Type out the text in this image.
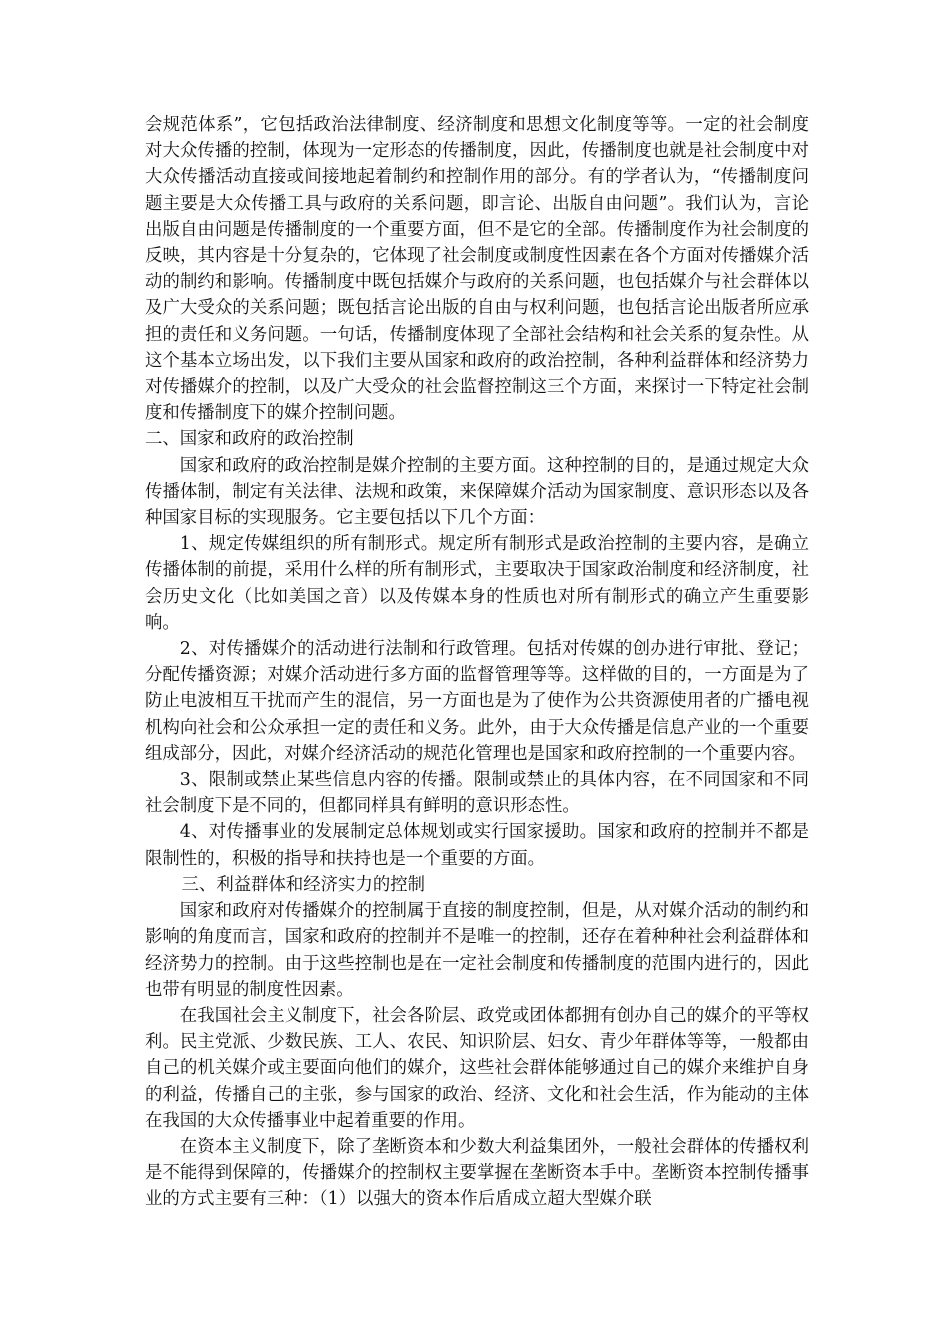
会规范体系”，它包括政治法律制度、经济制度和思想文化制度等等。一定的社会制度对大众传播的控制，体现为一定形态的传播制度，因此，传播制度也就是社会制度中对大众传播活动直接或间接地起着制约和控制作用的部分。有的学者认为，“传播制度问题主要是大众传播工具与政府的关系问题，即言论、出版自由问题”。我们认为，言论出版自由问题是传播制度的一个重要方面，但不是它的全部。传播制度作为社会制度的反映，其内容是十分复杂的，它体现了社会制度或制度性因素在各个方面对传播媒介活动的制约和影响。传播制度中既包括媒介与政府的关系问题，也包括媒介与社会群体以及广大受众的关系问题；既包括言论出版的自由与权利问题，也包括言论出版者所应承担的责任和义务问题。一句话，传播制度体现了全部社会结构和社会关系的复杂性。从这个基本立场出发，以下我们主要从国家和政府的政治控制，各种利益群体和经济势力对传播媒介的控制，以及广大受众的社会监督控制这三个方面，来探讨一下特定社会制度和传播制度下的媒介控制问题。

二、国家和政府的政治控制

国家和政府的政治控制是媒介控制的主要方面。这种控制的目的，是通过规定大众传播体制，制定有关法律、法规和政策，来保障媒介活动为国家制度、意识形态以及各种国家目标的实现服务。它主要包括以下几个方面：

1、规定传媒组织的所有制形式。规定所有制形式是政治控制的主要内容，是确立传播体制的前提，采用什么样的所有制形式，主要取决于国家政治制度和经济制度，社会历史文化（比如美国之音）以及传媒本身的性质也对所有制形式的确立产生重要影响。

2、对传播媒介的活动进行法制和行政管理。包括对传媒的创办进行审批、登记；分配传播资源；对媒介活动进行多方面的监督管理等等。这样做的目的，一方面是为了防止电波相互干扰而产生的混信，另一方面也是为了使作为公共资源使用者的广播电视机构向社会和公众承担一定的责任和义务。此外，由于大众传播是信息产业的一个重要组成部分，因此，对媒介经济活动的规范化管理也是国家和政府控制的一个重要内容。

3、限制或禁止某些信息内容的传播。限制或禁止的具体内容，在不同国家和不同社会制度下是不同的，但都同样具有鲜明的意识形态性。

4、对传播事业的发展制定总体规划或实行国家援助。国家和政府的控制并不都是限制性的，积极的指导和扶持也是一个重要的方面。

三、利益群体和经济实力的控制

国家和政府对传播媒介的控制属于直接的制度控制，但是，从对媒介活动的制约和影响的角度而言，国家和政府的控制并不是唯一的控制，还存在着种种社会利益群体和经济势力的控制。由于这些控制也是在一定社会制度和传播制度的范围内进行的，因此也带有明显的制度性因素。

在我国社会主义制度下，社会各阶层、政党或团体都拥有创办自己的媒介的平等权利。民主党派、少数民族、工人、农民、知识阶层、妇女、青少年群体等等，一般都由自己的机关媒介或主要面向他们的媒介，这些社会群体能够通过自己的媒介来维护自身的利益，传播自己的主张，参与国家的政治、经济、文化和社会生活，作为能动的主体在我国的大众传播事业中起着重要的作用。

在资本主义制度下，除了垄断资本和少数大利益集团外，一般社会群体的传播权利是不能得到保障的，传播媒介的控制权主要掌握在垄断资本手中。垄断资本控制传播事业的方式主要有三种：（1）以强大的资本作后盾成立超大型媒介联
